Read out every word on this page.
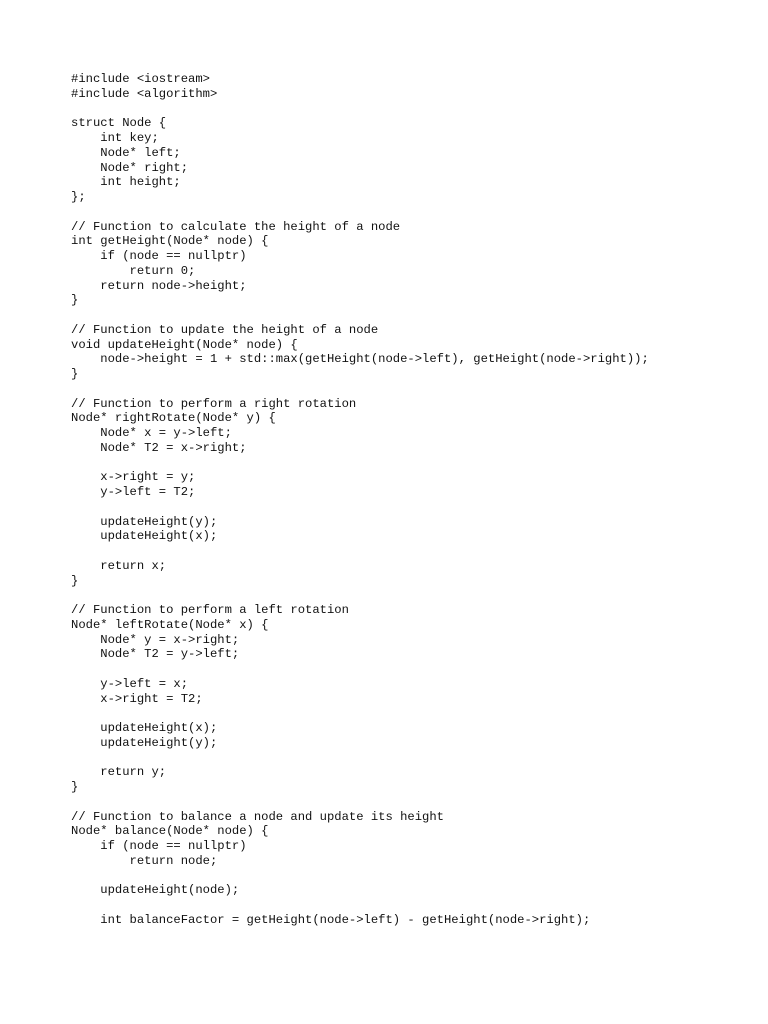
#include <iostream>
#include <algorithm>
struct Node {
int key;
Node* left;
Node* right;
int height;
};
// Function to calculate the height of a node
int getHeight(Node* node) {
if (node == nullptr)
return 0;
return node->height;
}
// Function to update the height of a node
void updateHeight(Node* node) {
node->height = 1 + std::max(getHeight(node->left), getHeight(node->right));
}
// Function to perform a right rotation
Node* rightRotate(Node* y) {
Node* x = y->left;
Node* T2 = x->right;
x->right = y;
y->left = T2;
updateHeight(y);
updateHeight(x);
return x;
}
// Function to perform a left rotation
Node* leftRotate(Node* x) {
Node* y = x->right;
Node* T2 = y->left;
y->left = x;
x->right = T2;
updateHeight(x);
updateHeight(y);
return y;
}
// Function to balance a node and update its height
Node* balance(Node* node) {
if (node == nullptr)
return node;
updateHeight(node);
int balanceFactor = getHeight(node->left) - getHeight(node->right);
